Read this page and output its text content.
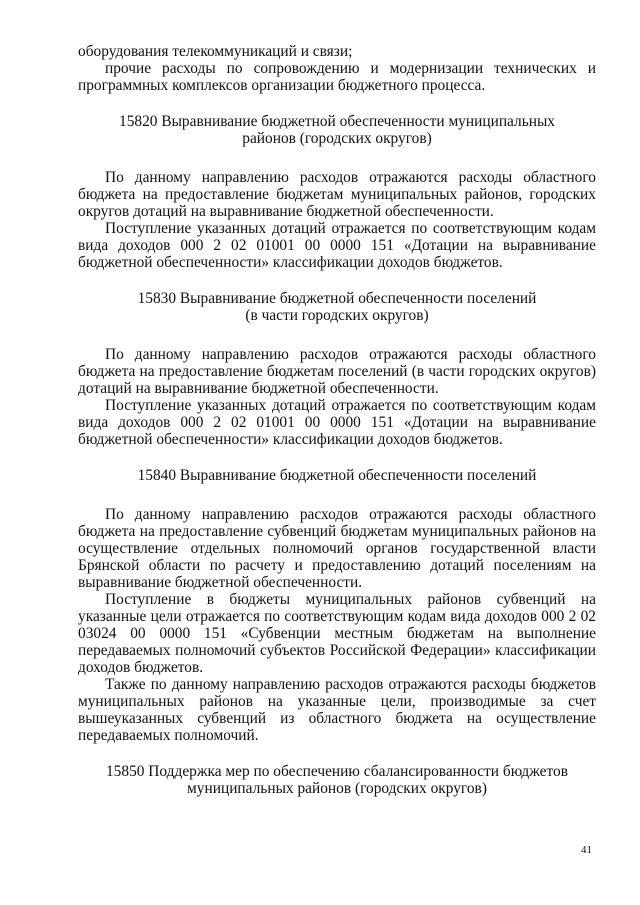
оборудования телекоммуникаций и связи;

прочие расходы по сопровождению и модернизации технических и программных комплексов организации бюджетного процесса.

15820 Выравнивание бюджетной обеспеченности муниципальных

районов (городских округов)

По данному направлению расходов отражаются расходы областного бюджета на предоставление бюджетам муниципальных районов, городских округов дотаций на выравнивание бюджетной обеспеченности.

Поступление указанных дотаций отражается по соответствующим кодам вида доходов 000 2 02 01001 00 0000 151 «Дотации на выравнивание бюджетной обеспеченности» классификации доходов бюджетов.

15830 Выравнивание бюджетной обеспеченности поселений

(в части городских округов)

По данному направлению расходов отражаются расходы областного бюджета на предоставление бюджетам поселений (в части городских округов) дотаций на выравнивание бюджетной обеспеченности.

Поступление указанных дотаций отражается по соответствующим кодам вида доходов 000 2 02 01001 00 0000 151 «Дотации на выравнивание бюджетной обеспеченности» классификации доходов бюджетов.

15840 Выравнивание бюджетной обеспеченности поселений

По данному направлению расходов отражаются расходы областного бюджета на предоставление субвенций бюджетам муниципальных районов на осуществление отдельных полномочий органов государственной власти Брянской области по расчету и предоставлению дотаций поселениям на выравнивание бюджетной обеспеченности.

Поступление в бюджеты муниципальных районов субвенций на указанные цели отражается по соответствующим кодам вида доходов 000 2 02 03024 00 0000 151 «Субвенции местным бюджетам на выполнение передаваемых полномочий субъектов Российской Федерации» классификации доходов бюджетов.

Также по данному направлению расходов отражаются расходы бюджетов муниципальных районов на указанные цели, производимые за счет вышеуказанных субвенций из областного бюджета на осуществление передаваемых полномочий.

15850 Поддержка мер по обеспечению сбалансированности бюджетов

муниципальных районов (городских округов)

41
